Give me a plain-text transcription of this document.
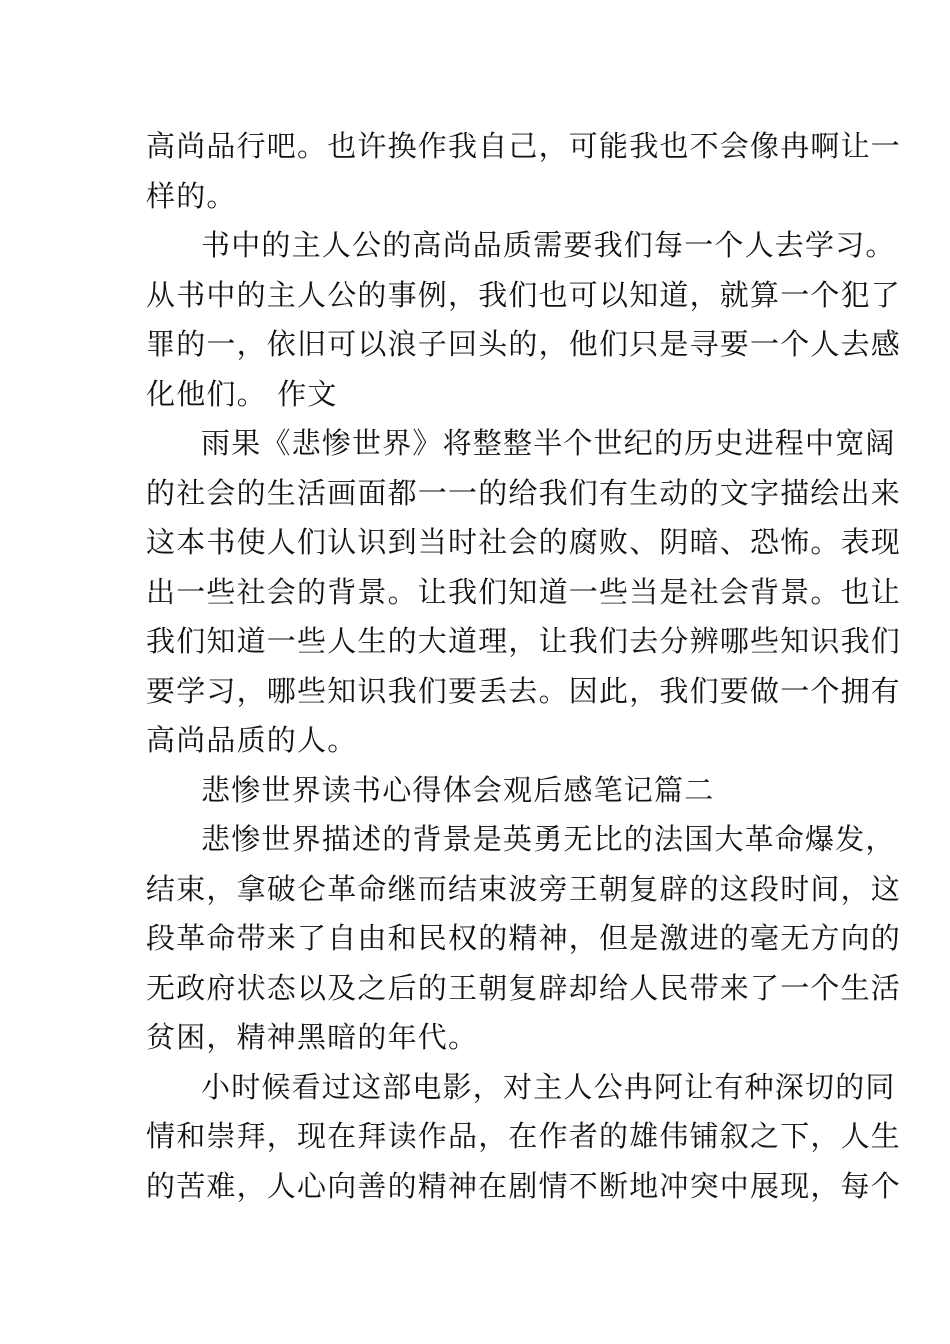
高尚品行吧。也许换作我自己，可能我也不会像冉啊让一
样的。
书中的主人公的高尚品质需要我们每一个人去学习。
从书中的主人公的事例，我们也可以知道，就算一个犯了
罪的一，依旧可以浪子回头的，他们只是寻要一个人去感
化他们。 作文
雨果《悲惨世界》将整整半个世纪的历史进程中宽阔
的社会的生活画面都一一的给我们有生动的文字描绘出来
这本书使人们认识到当时社会的腐败、阴暗、恐怖。表现
出一些社会的背景。让我们知道一些当是社会背景。也让
我们知道一些人生的大道理，让我们去分辨哪些知识我们
要学习，哪些知识我们要丢去。因此，我们要做一个拥有
高尚品质的人。
悲惨世界读书心得体会观后感笔记篇二
悲惨世界描述的背景是英勇无比的法国大革命爆发，
结束，拿破仑革命继而结束波旁王朝复辟的这段时间，这
段革命带来了自由和民权的精神，但是激进的毫无方向的
无政府状态以及之后的王朝复辟却给人民带来了一个生活
贫困，精神黑暗的年代。
小时候看过这部电影，对主人公冉阿让有种深切的同
情和崇拜，现在拜读作品，在作者的雄伟铺叙之下，人生
的苦难，人心向善的精神在剧情不断地冲突中展现，每个
